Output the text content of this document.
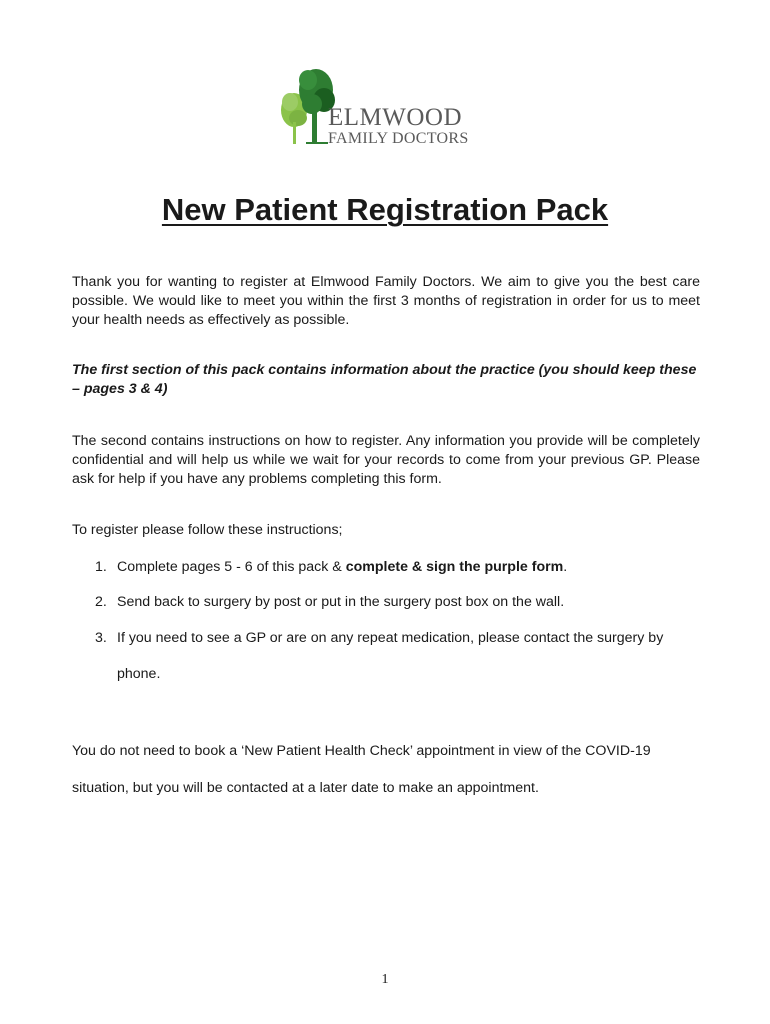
ELMWOOD
FAMILY DOCTORS
New Patient Registration Pack

Thank you for wanting to register at Elmwood Family Doctors. We aim to give you the best care possible. We would like to meet you within the first 3 months of registration in order for us to meet your health needs as effectively as possible.

The first section of this pack contains information about the practice (you should keep these – pages 3 & 4)

The second contains instructions on how to register. Any information you provide will be completely confidential and will help us while we wait for your records to come from your previous GP. Please ask for help if you have any problems completing this form.

To register please follow these instructions;

1. Complete pages 5 - 6 of this pack & complete & sign the purple form.
2. Send back to surgery by post or put in the surgery post box on the wall.
3. If you need to see a GP or are on any repeat medication, please contact the surgery by phone.

You do not need to book a ‘New Patient Health Check’ appointment in view of the COVID-19 situation, but you will be contacted at a later date to make an appointment.

1
